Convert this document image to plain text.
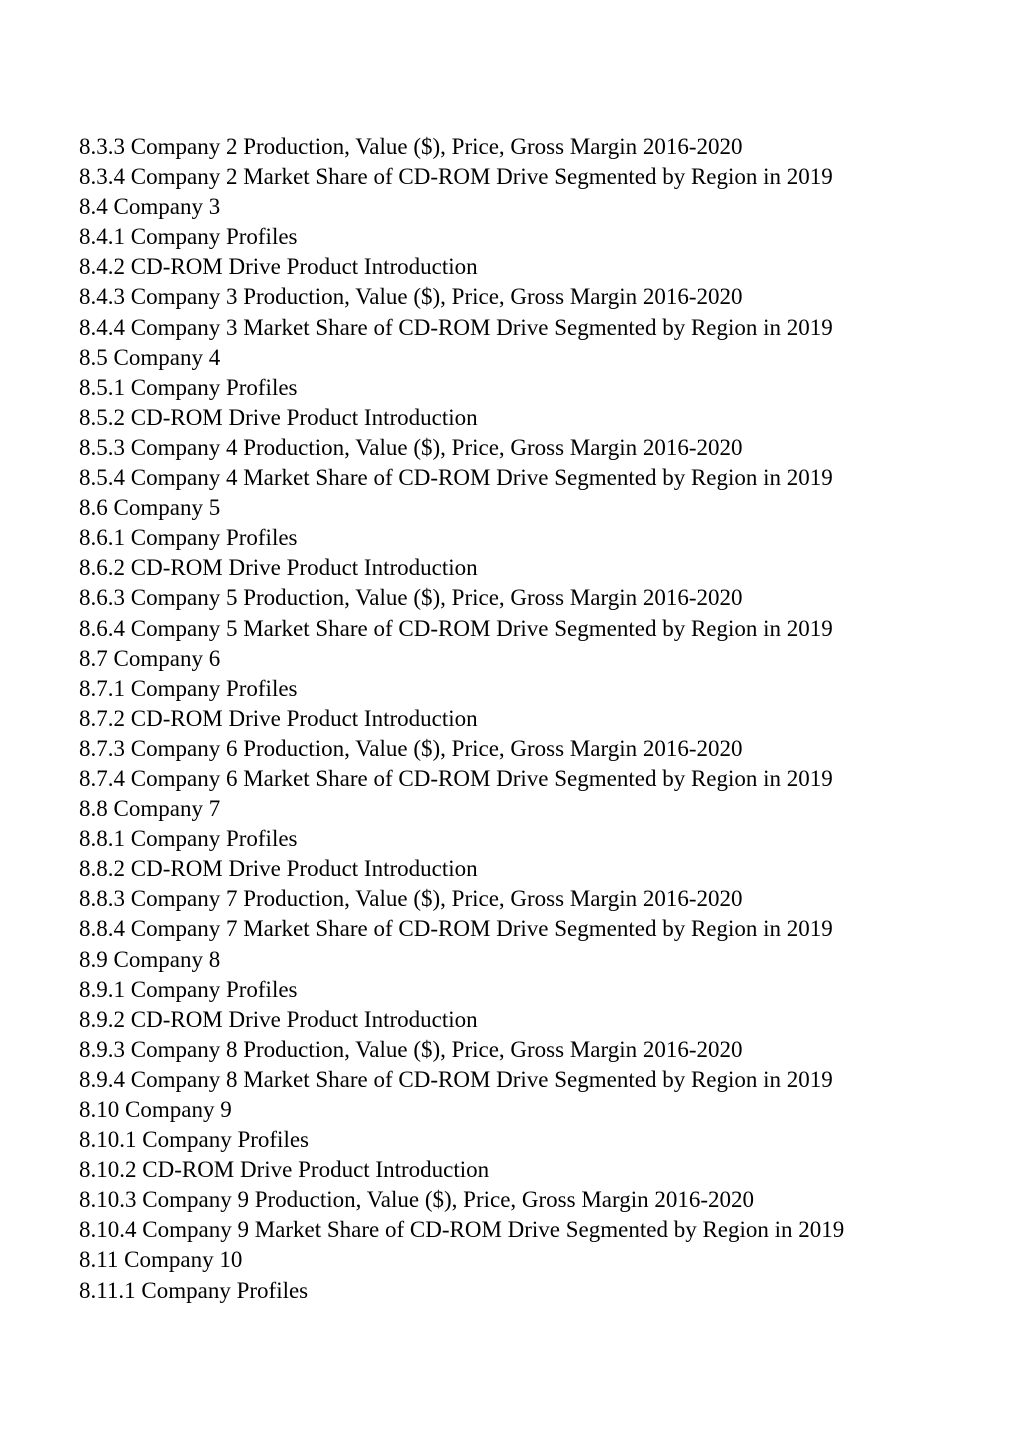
8.3.3 Company 2 Production, Value ($), Price, Gross Margin 2016-2020
8.3.4 Company 2 Market Share of CD-ROM Drive Segmented by Region in 2019
8.4 Company 3
8.4.1 Company Profiles
8.4.2 CD-ROM Drive Product Introduction
8.4.3 Company 3 Production, Value ($), Price, Gross Margin 2016-2020
8.4.4 Company 3 Market Share of CD-ROM Drive Segmented by Region in 2019
8.5 Company 4
8.5.1 Company Profiles
8.5.2 CD-ROM Drive Product Introduction
8.5.3 Company 4 Production, Value ($), Price, Gross Margin 2016-2020
8.5.4 Company 4 Market Share of CD-ROM Drive Segmented by Region in 2019
8.6 Company 5
8.6.1 Company Profiles
8.6.2 CD-ROM Drive Product Introduction
8.6.3 Company 5 Production, Value ($), Price, Gross Margin 2016-2020
8.6.4 Company 5 Market Share of CD-ROM Drive Segmented by Region in 2019
8.7 Company 6
8.7.1 Company Profiles
8.7.2 CD-ROM Drive Product Introduction
8.7.3 Company 6 Production, Value ($), Price, Gross Margin 2016-2020
8.7.4 Company 6 Market Share of CD-ROM Drive Segmented by Region in 2019
8.8 Company 7
8.8.1 Company Profiles
8.8.2 CD-ROM Drive Product Introduction
8.8.3 Company 7 Production, Value ($), Price, Gross Margin 2016-2020
8.8.4 Company 7 Market Share of CD-ROM Drive Segmented by Region in 2019
8.9 Company 8
8.9.1 Company Profiles
8.9.2 CD-ROM Drive Product Introduction
8.9.3 Company 8 Production, Value ($), Price, Gross Margin 2016-2020
8.9.4 Company 8 Market Share of CD-ROM Drive Segmented by Region in 2019
8.10 Company 9
8.10.1 Company Profiles
8.10.2 CD-ROM Drive Product Introduction
8.10.3 Company 9 Production, Value ($), Price, Gross Margin 2016-2020
8.10.4 Company 9 Market Share of CD-ROM Drive Segmented by Region in 2019
8.11 Company 10
8.11.1 Company Profiles
